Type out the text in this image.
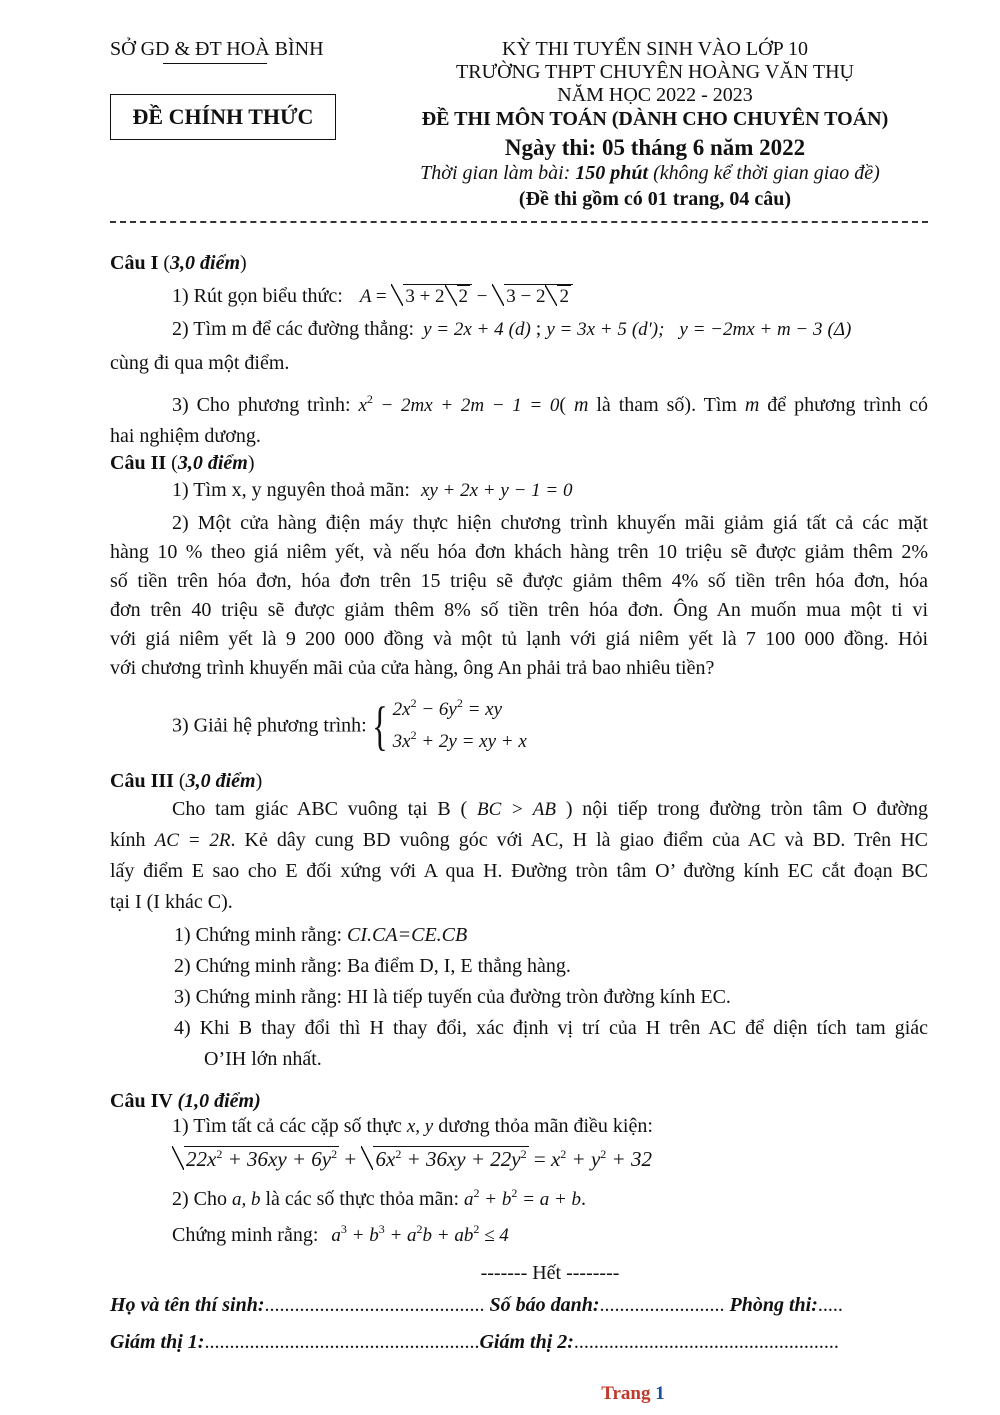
SỞ GD & ĐT HOÀ BÌNH	KỲ THI TUYỂN SINH VÀO LỚP 10
TRƯỜNG THPT CHUYÊN HOÀNG VĂN THỤ
NĂM HỌC 2022 - 2023
ĐỀ CHÍNH THỨC	ĐỀ THI MÔN TOÁN (DÀNH CHO CHUYÊN TOÁN)
Ngày thi: 05 tháng 6 năm 2022
Thời gian làm bài: 150 phút (không kể thời gian giao đề)
(Đề thi gồm có 01 trang, 04 câu)
Câu I (3,0 điểm)
1) Rút gọn biểu thức: A = 3 + 2 2 − 3 − 2 2
2) Tìm m để các đường thẳng: y = 2x + 4 (d) ; y = 3x + 5 (d'); y = −2mx + m − 3 (Δ)
cùng đi qua một điểm.
3) Cho phương trình: $x^2 - 2mx + 2m - 1 = 0$( m là tham số). Tìm m để phương trình có
hai nghiệm dương.
Câu II (3,0 điểm)
1) Tìm x, y nguyên thoả mãn: xy + 2x + y − 1 = 0
2) Một cửa hàng điện máy thực hiện chương trình khuyến mãi giảm giá tất cả các mặt
hàng 10 % theo giá niêm yết, và nếu hóa đơn khách hàng trên 10 triệu sẽ được giảm thêm 2%
số tiền trên hóa đơn, hóa đơn trên 15 triệu sẽ được giảm thêm 4% số tiền trên hóa đơn, hóa
đơn trên 40 triệu sẽ được giảm thêm 8% số tiền trên hóa đơn. Ông An muốn mua một ti vi
với giá niêm yết là 9 200 000 đồng và một tủ lạnh với giá niêm yết là 7 100 000 đồng. Hỏi
với chương trình khuyến mãi của cửa hàng, ông An phải trả bao nhiêu tiền?
3) Giải hệ phương trình:{ $2x^2 - 6y^2$ = xy
$3x^2 + 2y$ = xy + x
Câu III (3,0 điểm)
Cho tam giác ABC vuông tại B ( BC > AB ) nội tiếp trong đường tròn tâm O đường
kính AC = 2R. Kẻ dây cung BD vuông góc với AC, H là giao điểm của AC và BD. Trên HC
lấy điểm E sao cho E đối xứng với A qua H. Đường tròn tâm O’ đường kính EC cắt đoạn BC
tại I (I khác C).
1) Chứng minh rằng: CI.CA=CE.CB
2) Chứng minh rằng: Ba điểm D, I, E thẳng hàng.
3) Chứng minh rằng: HI là tiếp tuyến của đường tròn đường kính EC.
4) Khi B thay đổi thì H thay đổi, xác định vị trí của H trên AC để diện tích tam giác
O’IH lớn nhất.
Câu IV (1,0 điểm)
1) Tìm tất cả các cặp số thực x, y dương thỏa mãn điều kiện:
$22x^2 + 36xy + 6y^2 + 6x^2 + 36xy + 22y^2 = x^2 + y^2 + 32$
2) Cho a, b là các số thực thỏa mãn: $a^2 + b^2 = a + b$.
Chứng minh rằng: $a^3 + b^3 + a^2b + ab^2 \le 4$
------- Hết --------
Họ và tên thí sinh:............................................ Số báo danh:......................... Phòng thi:.....
Giám thị 1:.......................................................Giám thị 2:.....................................................
Trang 1
